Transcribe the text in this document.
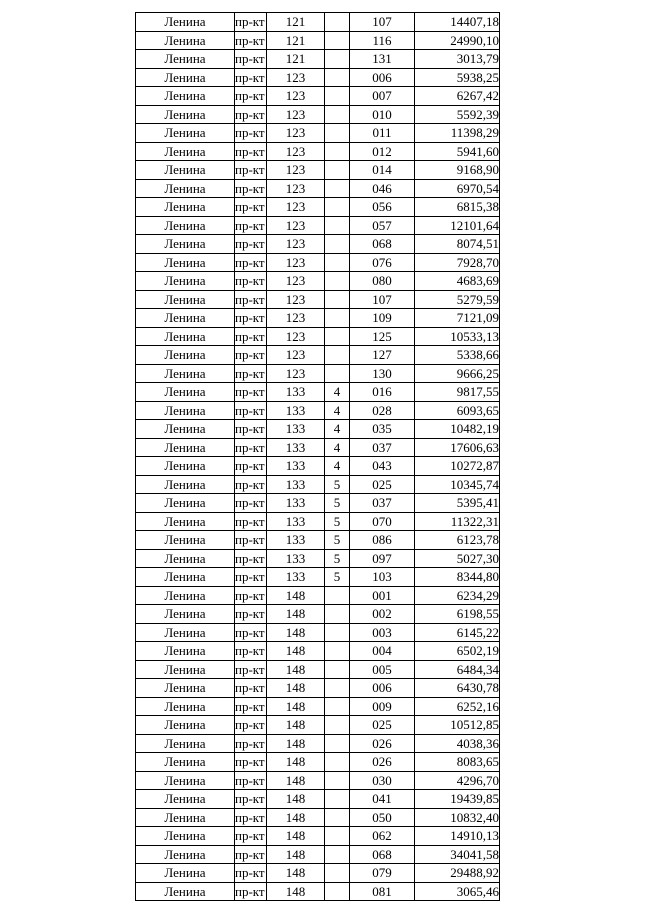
Ленина	пр-кт	121		107	14407,18
Ленина	пр-кт	121		116	24990,10
Ленина	пр-кт	121		131	3013,79
Ленина	пр-кт	123		006	5938,25
Ленина	пр-кт	123		007	6267,42
Ленина	пр-кт	123		010	5592,39
Ленина	пр-кт	123		011	11398,29
Ленина	пр-кт	123		012	5941,60
Ленина	пр-кт	123		014	9168,90
Ленина	пр-кт	123		046	6970,54
Ленина	пр-кт	123		056	6815,38
Ленина	пр-кт	123		057	12101,64
Ленина	пр-кт	123		068	8074,51
Ленина	пр-кт	123		076	7928,70
Ленина	пр-кт	123		080	4683,69
Ленина	пр-кт	123		107	5279,59
Ленина	пр-кт	123		109	7121,09
Ленина	пр-кт	123		125	10533,13
Ленина	пр-кт	123		127	5338,66
Ленина	пр-кт	123		130	9666,25
Ленина	пр-кт	133	4	016	9817,55
Ленина	пр-кт	133	4	028	6093,65
Ленина	пр-кт	133	4	035	10482,19
Ленина	пр-кт	133	4	037	17606,63
Ленина	пр-кт	133	4	043	10272,87
Ленина	пр-кт	133	5	025	10345,74
Ленина	пр-кт	133	5	037	5395,41
Ленина	пр-кт	133	5	070	11322,31
Ленина	пр-кт	133	5	086	6123,78
Ленина	пр-кт	133	5	097	5027,30
Ленина	пр-кт	133	5	103	8344,80
Ленина	пр-кт	148		001	6234,29
Ленина	пр-кт	148		002	6198,55
Ленина	пр-кт	148		003	6145,22
Ленина	пр-кт	148		004	6502,19
Ленина	пр-кт	148		005	6484,34
Ленина	пр-кт	148		006	6430,78
Ленина	пр-кт	148		009	6252,16
Ленина	пр-кт	148		025	10512,85
Ленина	пр-кт	148		026	4038,36
Ленина	пр-кт	148		026	8083,65
Ленина	пр-кт	148		030	4296,70
Ленина	пр-кт	148		041	19439,85
Ленина	пр-кт	148		050	10832,40
Ленина	пр-кт	148		062	14910,13
Ленина	пр-кт	148		068	34041,58
Ленина	пр-кт	148		079	29488,92
Ленина	пр-кт	148		081	3065,46
